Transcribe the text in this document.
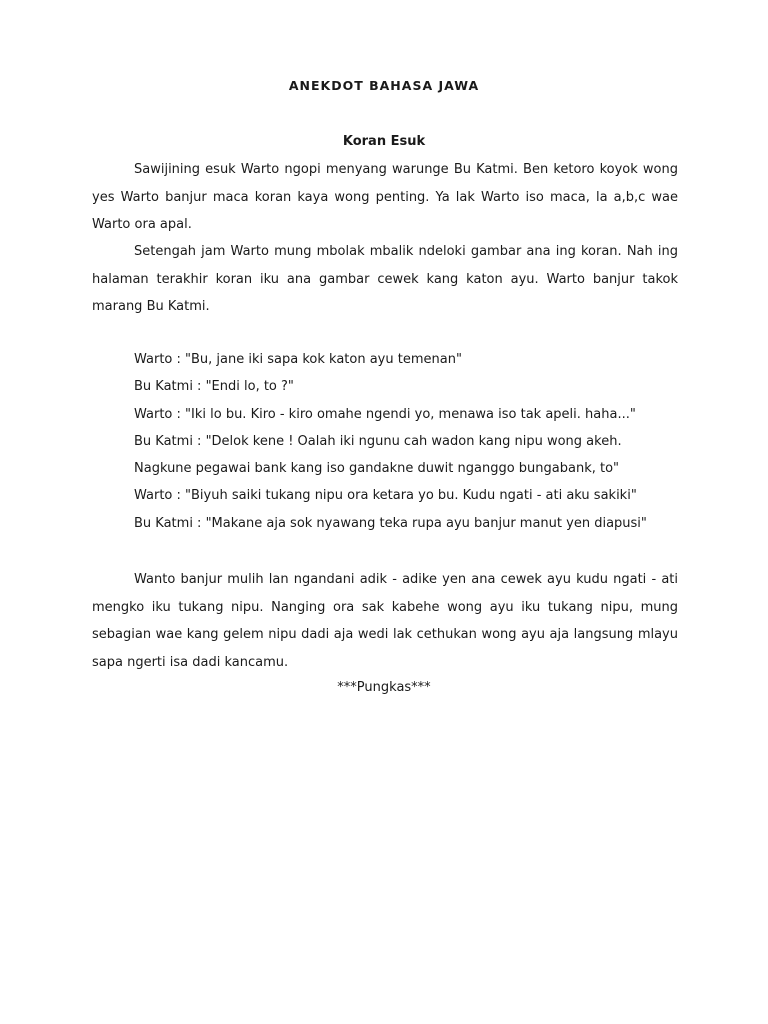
ANEKDOT BAHASA JAWA
Koran Esuk

Sawijining esuk Warto ngopi menyang warunge Bu Katmi. Ben ketoro koyok wong yes Warto banjur maca koran kaya wong penting. Ya lak Warto iso maca, la a,b,c wae Warto ora apal.

Setengah jam Warto mung mbolak mbalik ndeloki gambar ana ing koran. Nah ing halaman terakhir koran iku ana gambar cewek kang katon ayu. Warto banjur takok marang Bu Katmi.

Warto : "Bu, jane iki sapa kok katon ayu temenan"
Bu Katmi : "Endi lo, to ?"
Warto : "Iki lo bu. Kiro - kiro omahe ngendi yo, menawa iso tak apeli. haha..."
Bu Katmi : "Delok kene ! Oalah iki ngunu cah wadon kang nipu wong akeh.
Nagkune pegawai bank kang iso gandakne duwit nganggo bungabank, to"
Warto : "Biyuh saiki tukang nipu ora ketara yo bu. Kudu ngati - ati aku sakiki"
Bu Katmi : "Makane aja sok nyawang teka rupa ayu banjur manut yen diapusi"

Wanto banjur mulih lan ngandani adik - adike yen ana cewek ayu kudu ngati - ati mengko iku tukang nipu. Nanging ora sak kabehe wong ayu iku tukang nipu, mung sebagian wae kang gelem nipu dadi aja wedi lak cethukan wong ayu aja langsung mlayu sapa ngerti isa dadi kancamu.

***Pungkas***
